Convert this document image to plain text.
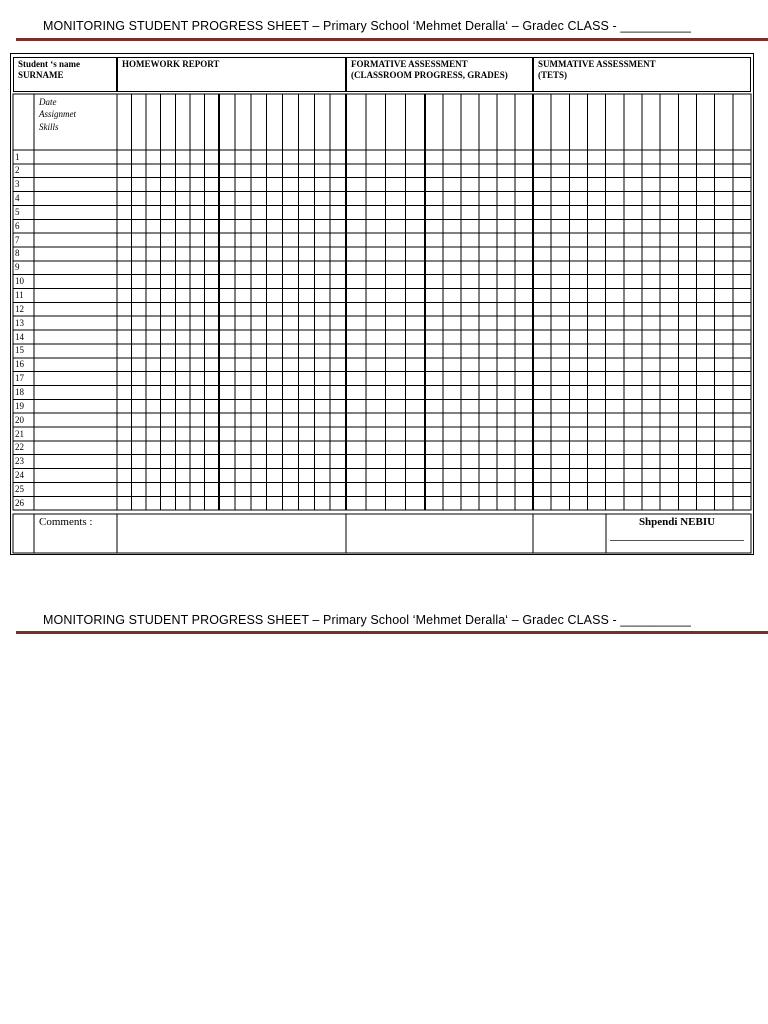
MONITORING STUDENT PROGRESS SHEET – Primary School ‘Mehmet Deralla‘ – Gradec CLASS - __________
Student ‘s name
SURNAME
HOMEWORK REPORT	FORMATIVE ASSESSMENT
(CLASSROOM PROGRESS, GRADES)
SUMMATIVE ASSESSMENT
(TETS)
Date
Assignmet
Skills
1
2
3
4
5
6
7
8
9
10
11
12
13
14
15
16
17
18
19
20
21
22
23
24
25
26
Comments :	Shpendi NEBIU
MONITORING STUDENT PROGRESS SHEET – Primary School ‘Mehmet Deralla‘ – Gradec CLASS - __________
